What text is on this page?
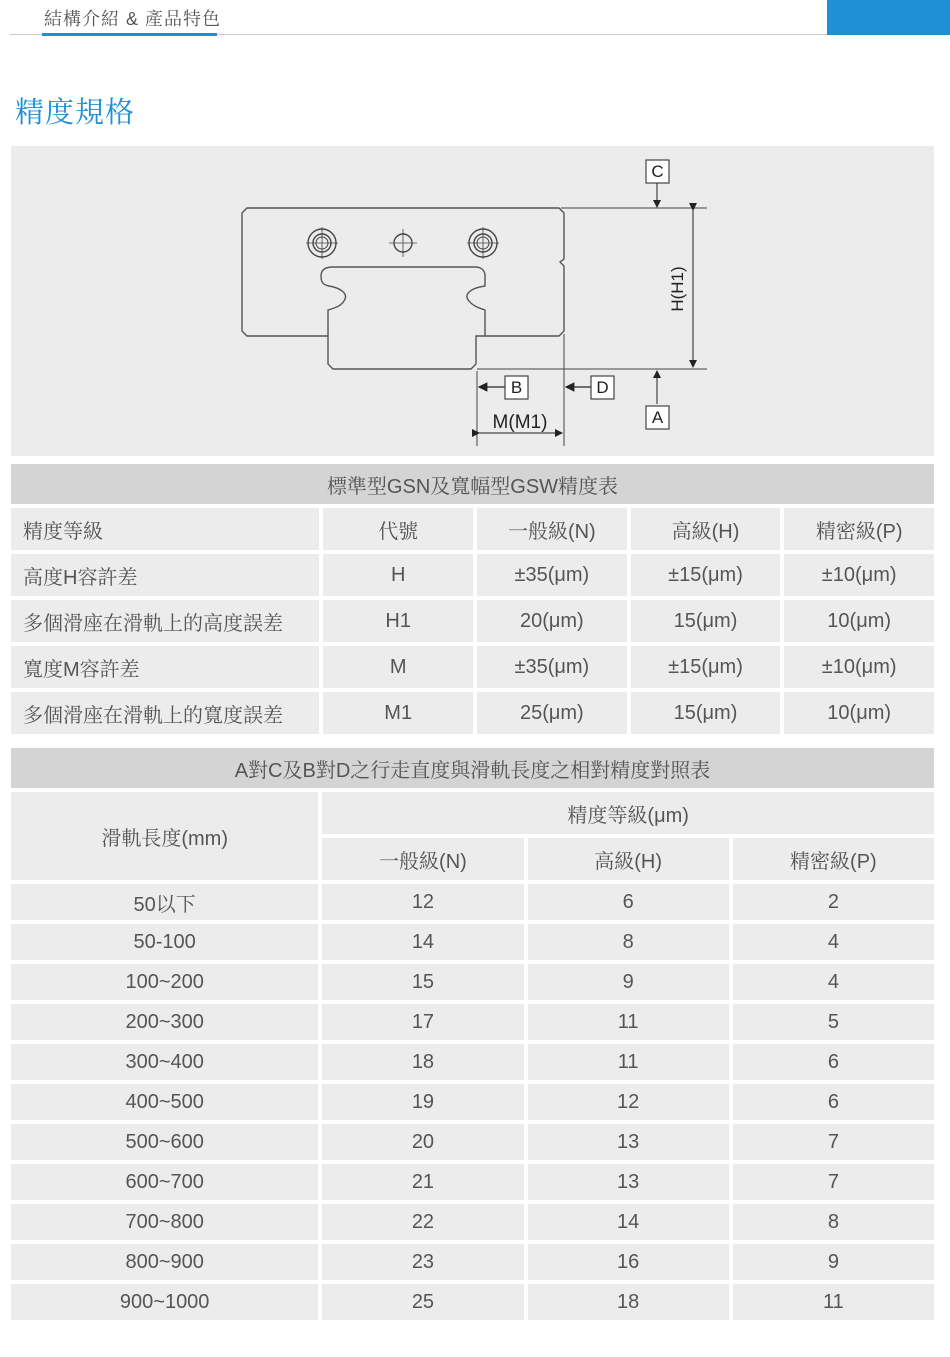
結構介紹 & 產品特色
精度規格
C
A
B	D
H(H1)
M(M1)
標準型GSN及寬幅型GSW精度表				
精度等級	代號	一般級(N)	高級(H)	精密級(P)
高度H容許差	H	±35(μm)	±15(μm)	±10(μm)
多個滑座在滑軌上的高度誤差	H1	20(μm)	15(μm)	10(μm)
寬度M容許差	M	±35(μm)	±15(μm)	±10(μm)
多個滑座在滑軌上的寬度誤差	M1	25(μm)	15(μm)	10(μm)
A對C及B對D之行走直度與滑軌長度之相對精度對照表			
滑軌長度(mm)	精度等級(μm)		
	一般級(N)	高級(H)	精密級(P)
50以下	12	6	2
50-100	14	8	4
100~200	15	9	4
200~300	17	11	5
300~400	18	11	6
400~500	19	12	6
500~600	20	13	7
600~700	21	13	7
700~800	22	14	8
800~900	23	16	9
900~1000	25	18	11
